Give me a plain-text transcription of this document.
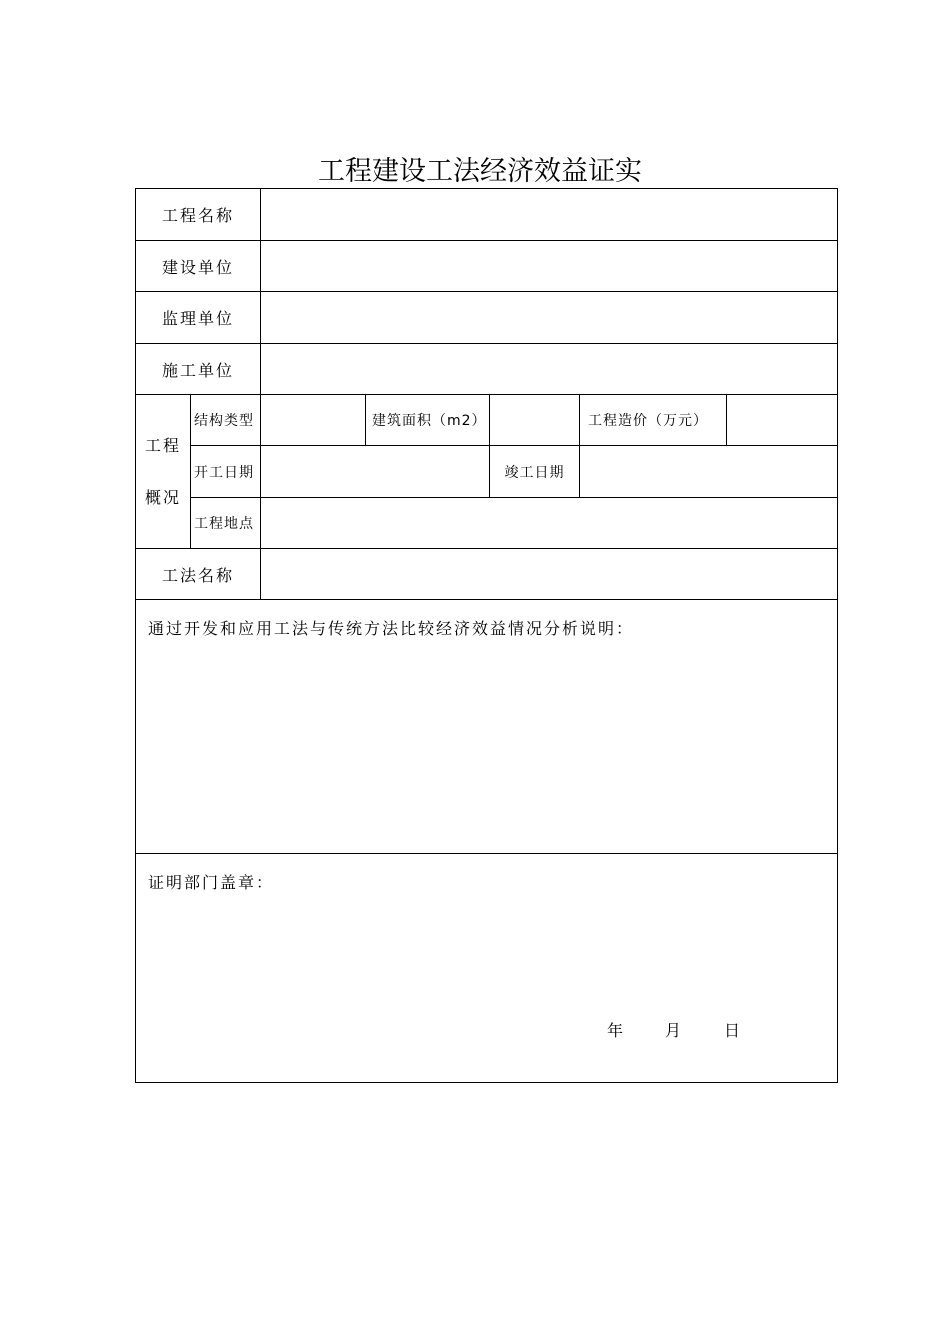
工程建设工法经济效益证实
工程名称
建设单位
监理单位
施工单位
工程
概况
结构类型	建筑面积（m2）	工程造价（万元）
开工日期	竣工日期
工程地点
工法名称
通过开发和应用工法与传统方法比较经济效益情况分析说明：
证明部门盖章：
年	月	日
